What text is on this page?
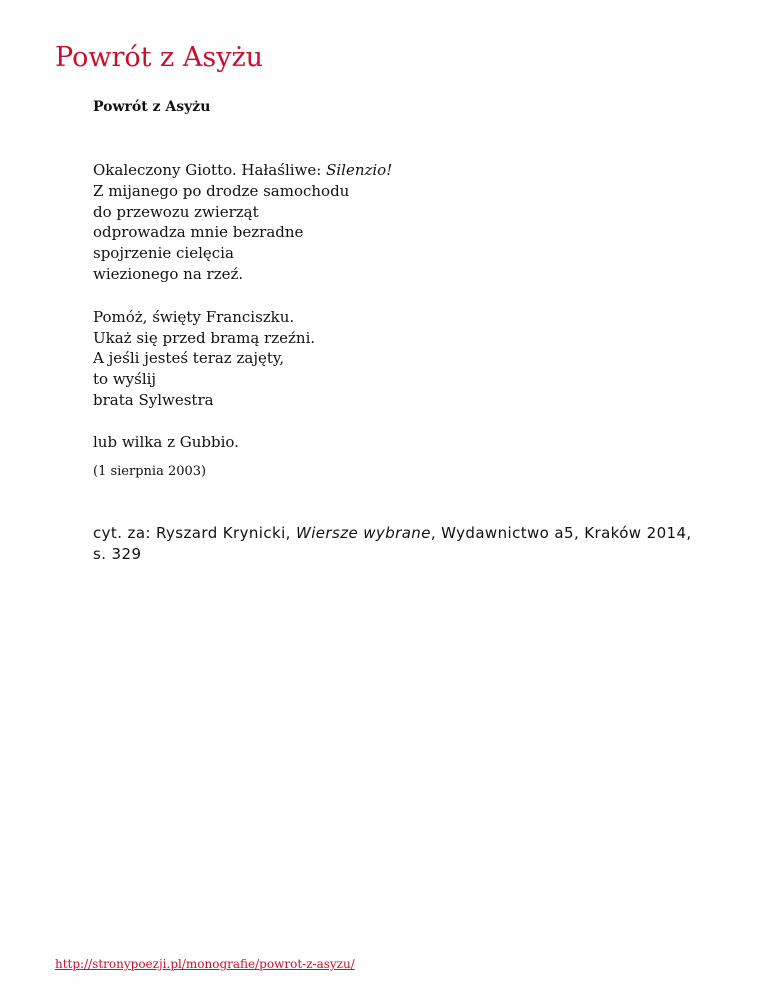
Powrót z Asyżu
Powrót z Asyżu
Okaleczony Giotto. Hałaśliwe: Silenzio!
Z mijanego po drodze samochodu
do przewozu zwierząt
odprowadza mnie bezradne
spojrzenie cielęcia
wiezionego na rzeź.
Pomóż, święty Franciszku.
Ukaż się przed bramą rzeźni.
A jeśli jesteś teraz zajęty,
to wyślij
brata Sylwestra
lub wilka z Gubbio.
(1 sierpnia 2003)
cyt. za: Ryszard Krynicki, Wiersze wybrane, Wydawnictwo a5, Kraków 2014, s. 329
http://stronypoezji.pl/monografie/powrot-z-asyzu/
